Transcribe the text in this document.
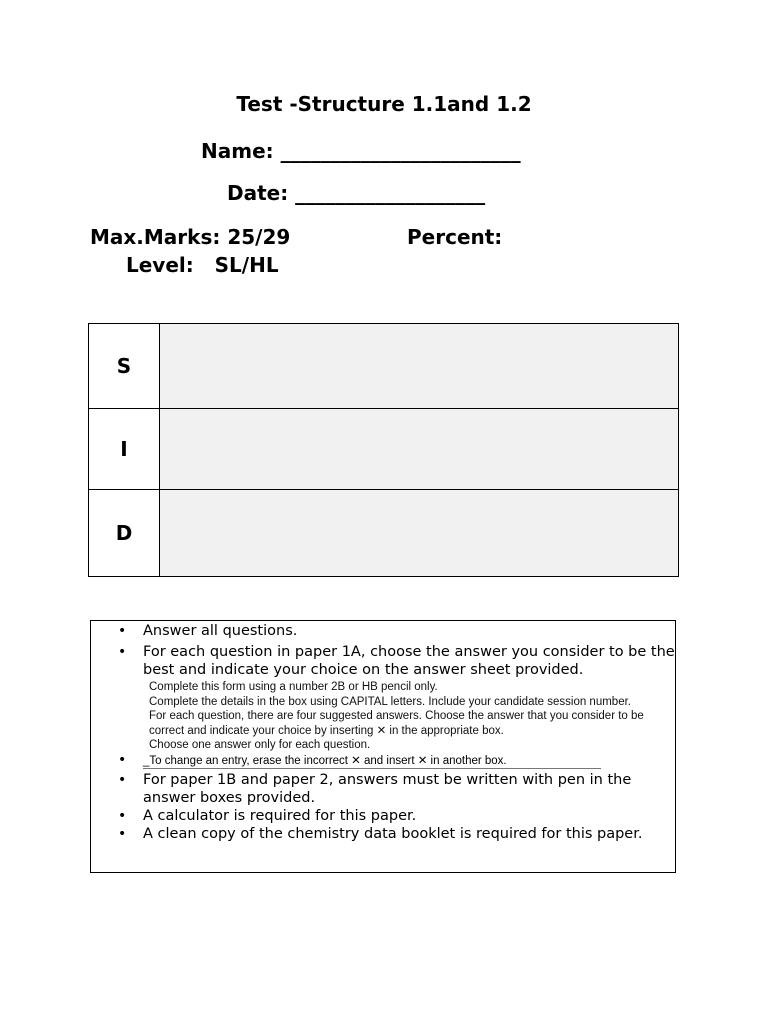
Test -Structure 1.1and 1.2
Name: ________________________
Date: ___________________
Max.Marks: 25/29	Percent:
Level:   SL/HL
S	
I	
D	
• Answer all questions.
• For each question in paper 1A, choose the answer you consider to be the best and indicate your choice on the answer sheet provided.
Complete this form using a number 2B or HB pencil only.
Complete the details in the box using CAPITAL letters. Include your candidate session number.
For each question, there are four suggested answers. Choose the answer that you consider to be correct and indicate your choice by inserting ✕ in the appropriate box.
Choose one answer only for each question.
• _To change an entry, erase the incorrect ✕ and insert ✕ in another box.
• For paper 1B and paper 2, answers must be written with pen in the answer boxes provided.
• A calculator is required for this paper.
• A clean copy of the chemistry data booklet is required for this paper.
